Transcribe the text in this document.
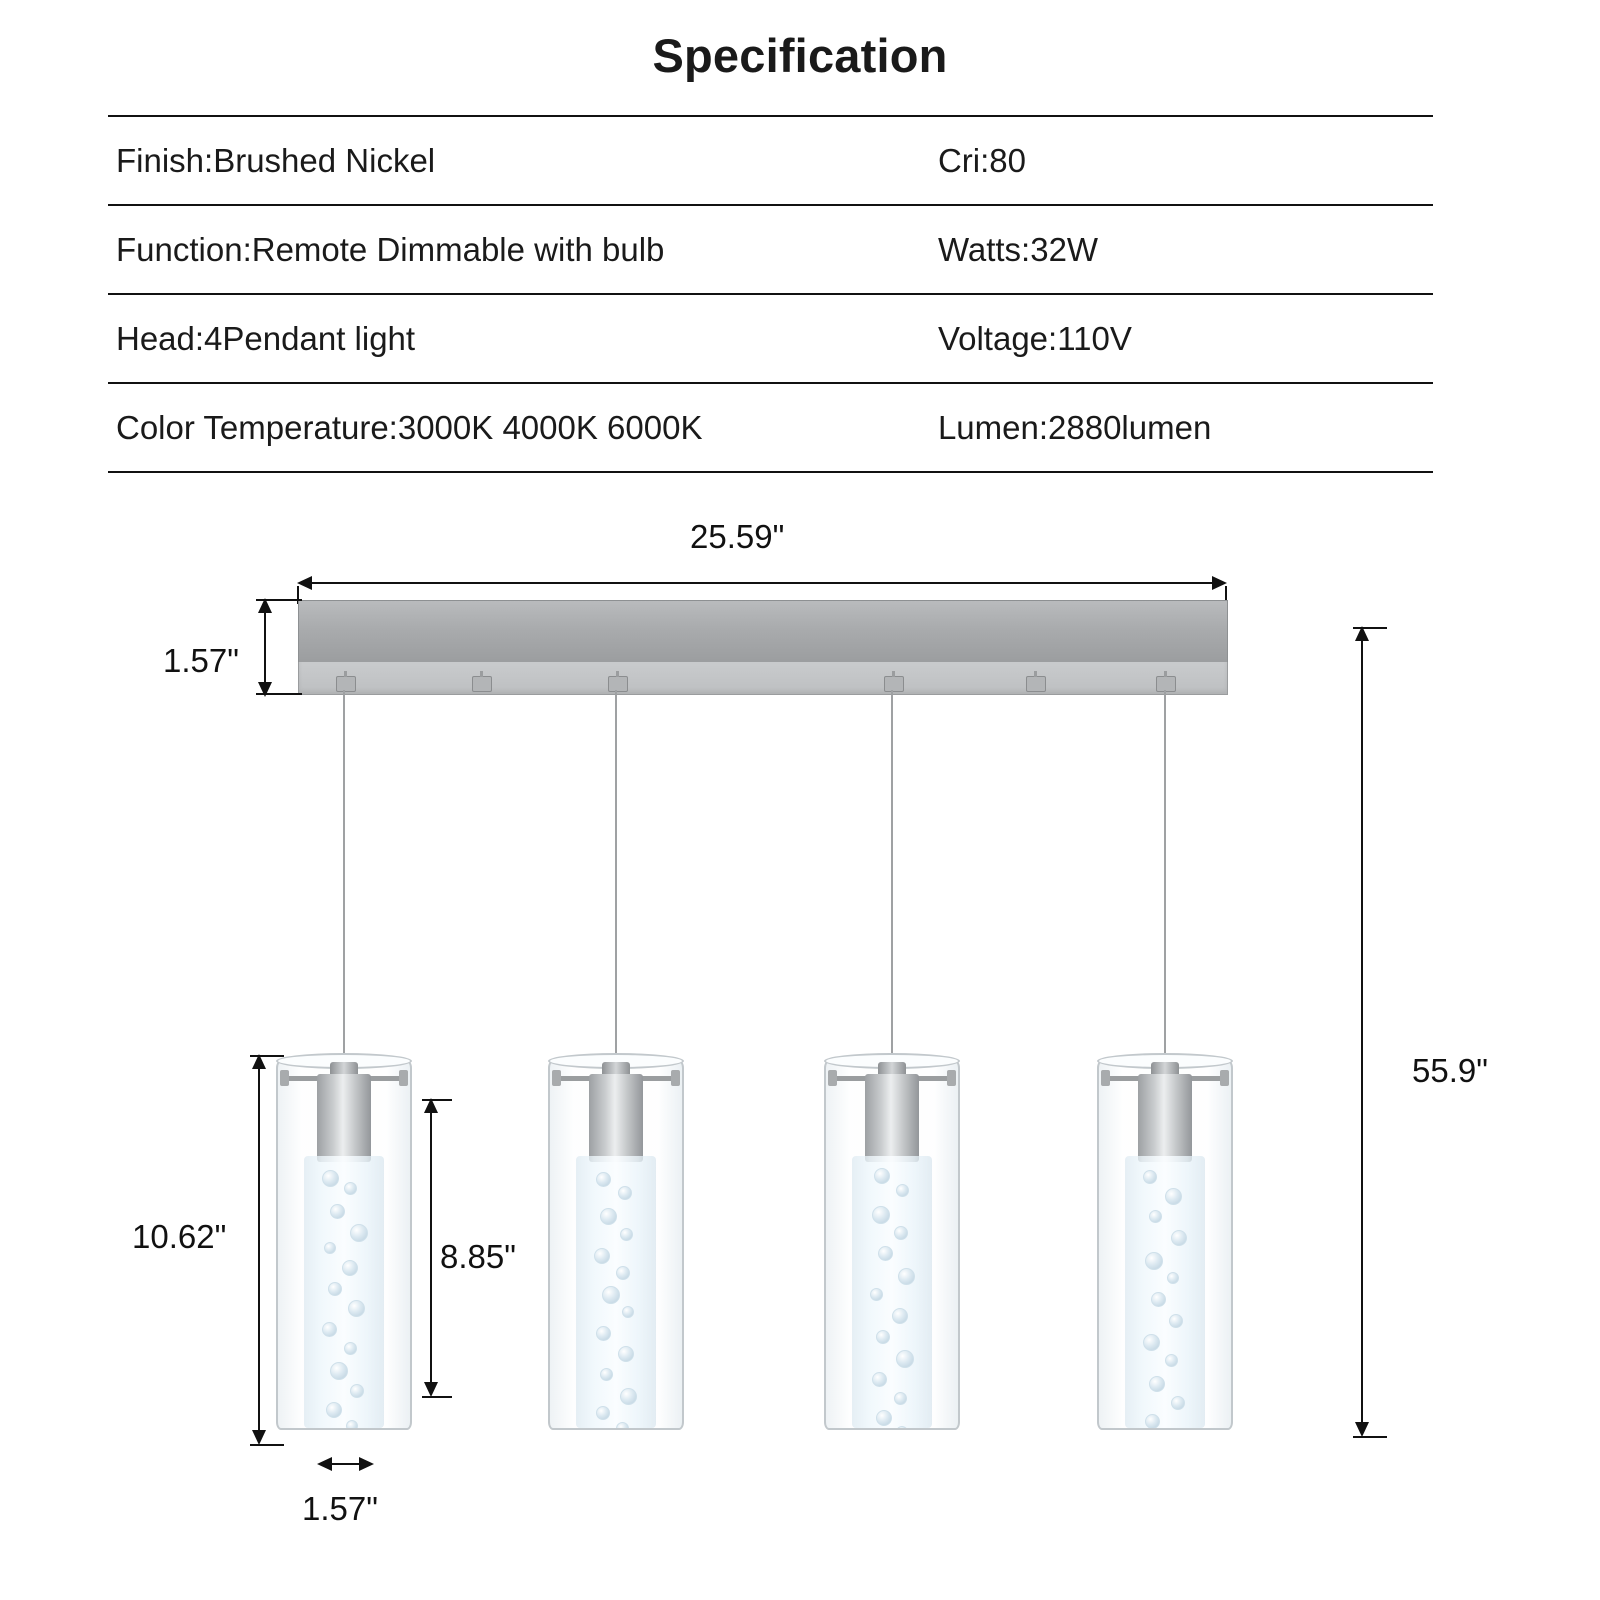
Specification
Finish:Brushed Nickel	Cri:80
Function:Remote Dimmable with bulb	Watts:32W
Head:4Pendant light	Voltage:110V
Color Temperature:3000K 4000K 6000K	Lumen:2880lumen
25.59"
1.57"
10.62"
8.85"
1.57"
55.9"
